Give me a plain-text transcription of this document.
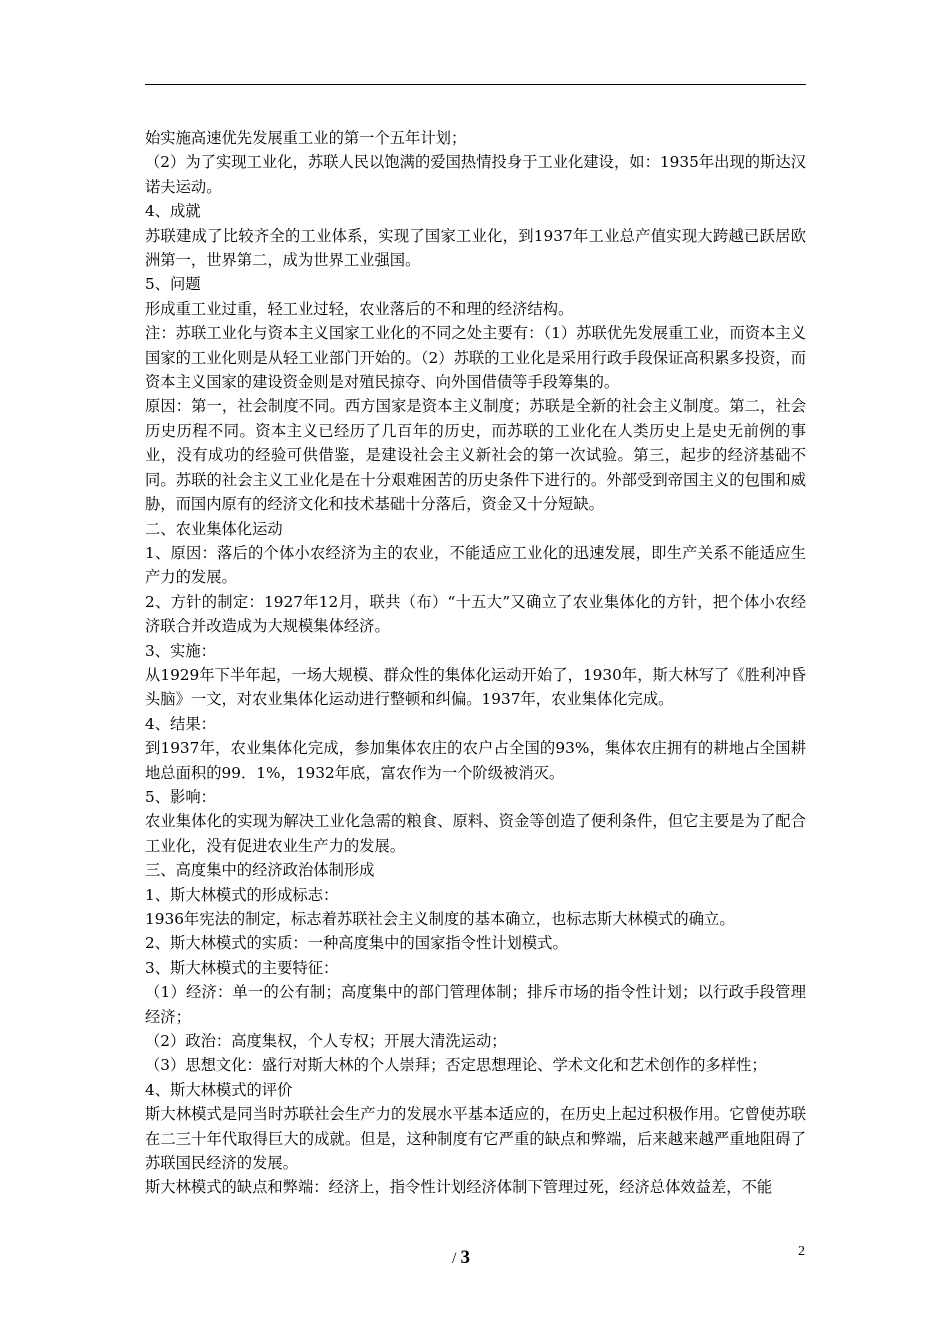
始实施高速优先发展重工业的第一个五年计划；

（2）为了实现工业化，苏联人民以饱满的爱国热情投身于工业化建设，如：1935年出现的斯达汉诺夫运动。

4、成就

苏联建成了比较齐全的工业体系，实现了国家工业化，到1937年工业总产值实现大跨越已跃居欧洲第一，世界第二，成为世界工业强国。

5、问题

形成重工业过重，轻工业过轻，农业落后的不和理的经济结构。

注：苏联工业化与资本主义国家工业化的不同之处主要有：（1）苏联优先发展重工业，而资本主义国家的工业化则是从轻工业部门开始的。（2）苏联的工业化是采用行政手段保证高积累多投资，而资本主义国家的建设资金则是对殖民掠夺、向外国借债等手段筹集的。

原因：第一，社会制度不同。西方国家是资本主义制度；苏联是全新的社会主义制度。第二，社会历史历程不同。资本主义已经历了几百年的历史，而苏联的工业化在人类历史上是史无前例的事业，没有成功的经验可供借鉴，是建设社会主义新社会的第一次试验。第三，起步的经济基础不同。苏联的社会主义工业化是在十分艰难困苦的历史条件下进行的。外部受到帝国主义的包围和威胁，而国内原有的经济文化和技术基础十分落后，资金又十分短缺。

二、农业集体化运动

1、原因：落后的个体小农经济为主的农业，不能适应工业化的迅速发展，即生产关系不能适应生产力的发展。

2、方针的制定：1927年12月，联共（布）“十五大”又确立了农业集体化的方针，把个体小农经济联合并改造成为大规模集体经济。

3、实施：

从1929年下半年起，一场大规模、群众性的集体化运动开始了，1930年，斯大林写了《胜利冲昏头脑》一文，对农业集体化运动进行整顿和纠偏。1937年，农业集体化完成。

4、结果：

到1937年，农业集体化完成，参加集体农庄的农户占全国的93%，集体农庄拥有的耕地占全国耕地总面积的99．1%，1932年底，富农作为一个阶级被消灭。

5、影响：

农业集体化的实现为解决工业化急需的粮食、原料、资金等创造了便利条件，但它主要是为了配合工业化，没有促进农业生产力的发展。

三、高度集中的经济政治体制形成

1、斯大林模式的形成标志：

1936年宪法的制定，标志着苏联社会主义制度的基本确立，也标志斯大林模式的确立。

2、斯大林模式的实质：一种高度集中的国家指令性计划模式。

3、斯大林模式的主要特征：

（1）经济：单一的公有制；高度集中的部门管理体制；排斥市场的指令性计划；以行政手段管理经济；

（2）政治：高度集权，个人专权；开展大清洗运动；

（3）思想文化：盛行对斯大林的个人崇拜；否定思想理论、学术文化和艺术创作的多样性；

4、斯大林模式的评价

斯大林模式是同当时苏联社会生产力的发展水平基本适应的，在历史上起过积极作用。它曾使苏联在二三十年代取得巨大的成就。但是，这种制度有它严重的缺点和弊端，后来越来越严重地阻碍了苏联国民经济的发展。

斯大林模式的缺点和弊端：经济上，指令性计划经济体制下管理过死，经济总体效益差，不能

/ 3	2
